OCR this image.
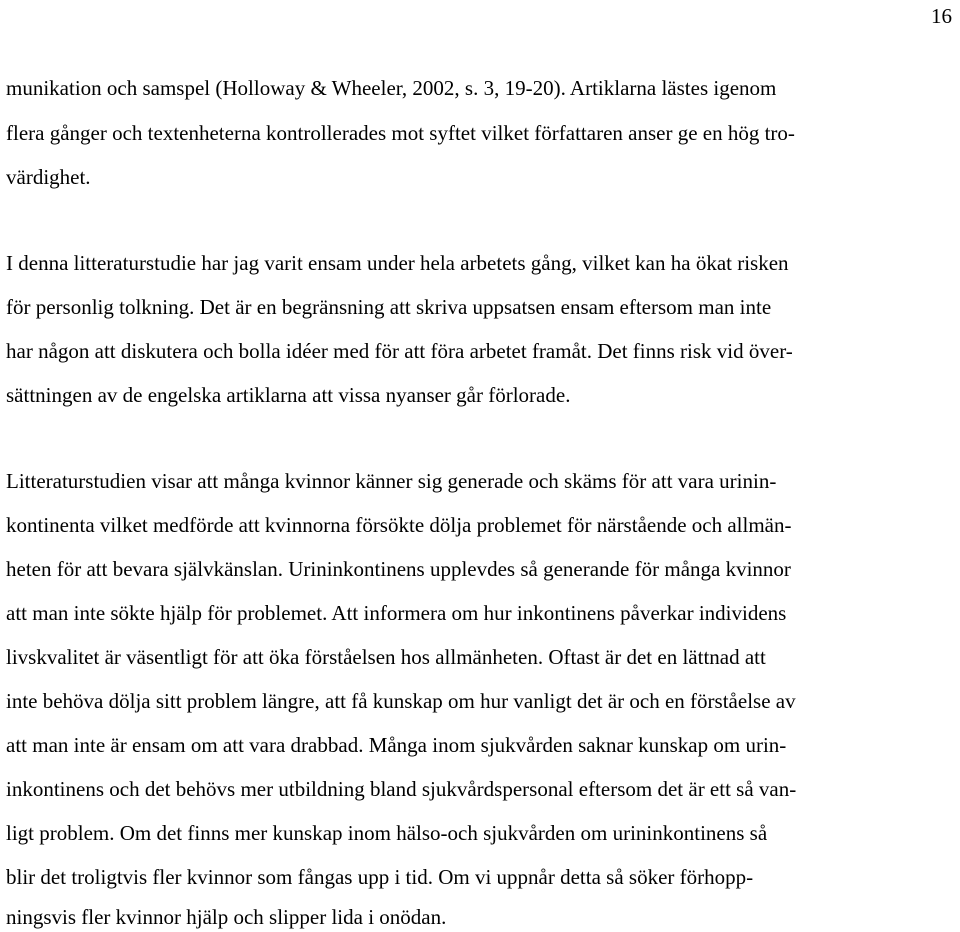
16
munikation och samspel (Holloway & Wheeler, 2002, s. 3, 19-20). Artiklarna lästes igenom
flera gånger och textenheterna kontrollerades mot syftet vilket författaren anser ge en hög tro-
värdighet.
I denna litteraturstudie har jag varit ensam under hela arbetets gång, vilket kan ha ökat risken
för personlig tolkning. Det är en begränsning att skriva uppsatsen ensam eftersom man inte
har någon att diskutera och bolla idéer med för att föra arbetet framåt. Det finns risk vid över-
sättningen av de engelska artiklarna att vissa nyanser går förlorade.
Litteraturstudien visar att många kvinnor känner sig generade och skäms för att vara urinin-
kontinenta vilket medförde att kvinnorna försökte dölja problemet för närstående och allmän-
heten för att bevara självkänslan. Urininkontinens upplevdes så generande för många kvinnor
att man inte sökte hjälp för problemet. Att informera om hur inkontinens påverkar individens
livskvalitet är väsentligt för att öka förståelsen hos allmänheten. Oftast är det en lättnad att
inte behöva dölja sitt problem längre, att få kunskap om hur vanligt det är och en förståelse av
att man inte är ensam om att vara drabbad. Många inom sjukvården saknar kunskap om urin-
inkontinens och det behövs mer utbildning bland sjukvårdspersonal eftersom det är ett så van-
ligt problem. Om det finns mer kunskap inom hälso-och sjukvården om urininkontinens så
blir det troligtvis fler kvinnor som fångas upp i tid. Om vi uppnår detta så söker förhopp-
ningsvis fler kvinnor hjälp och slipper lida i onödan.
